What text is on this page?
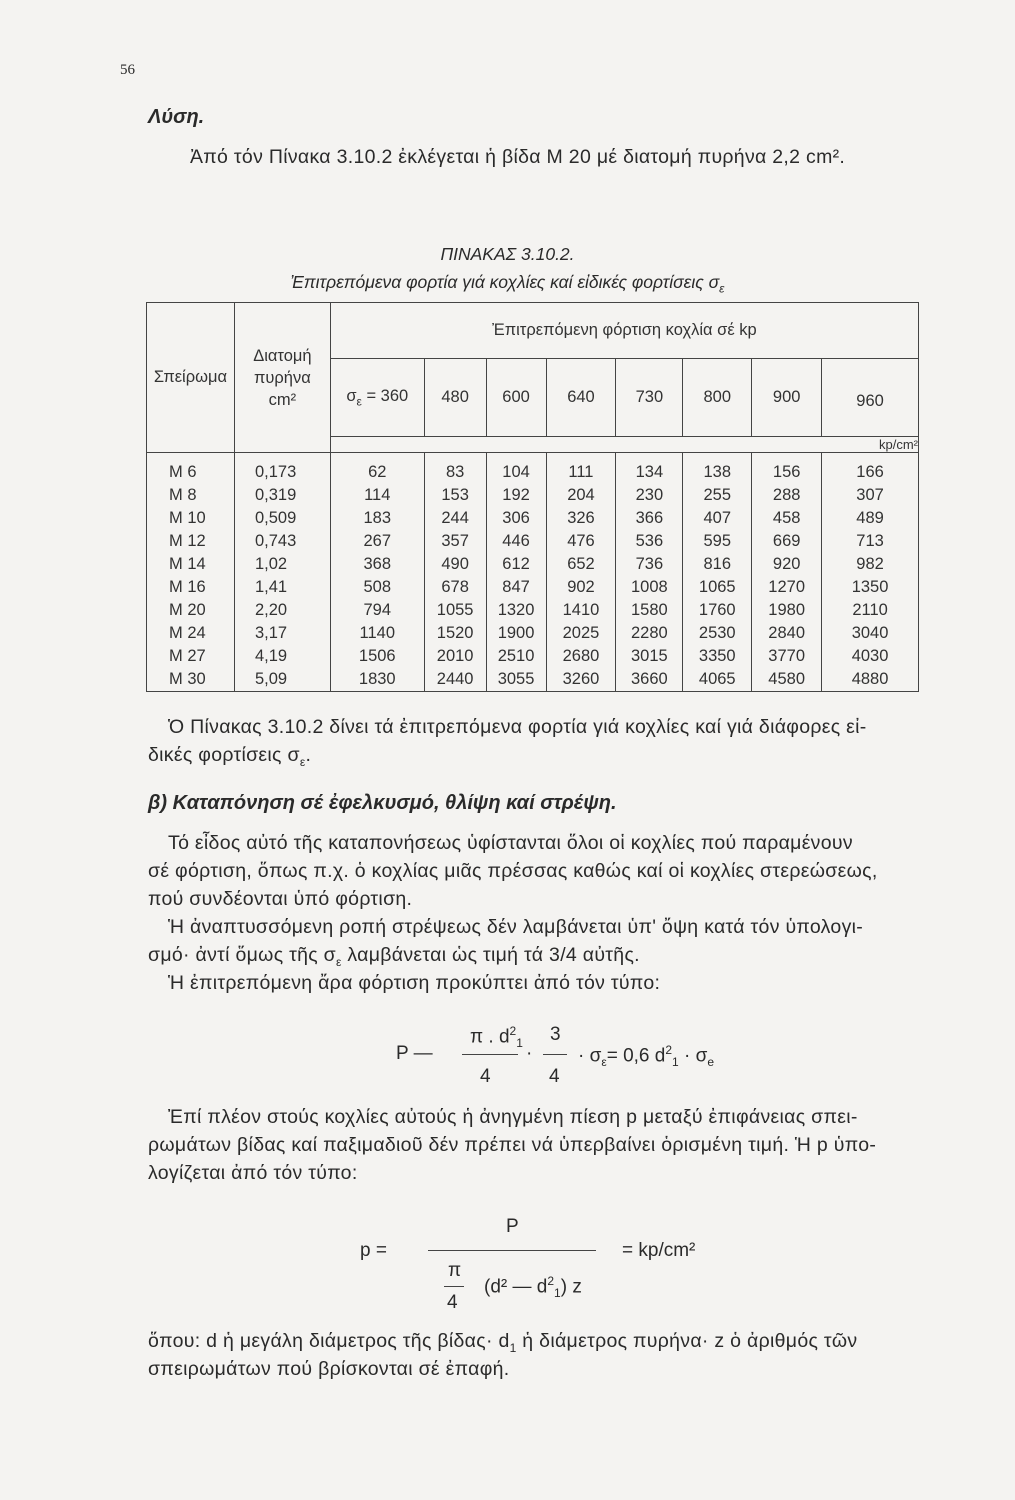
56
Λύση.
Ἀπό τόν Πίνακα 3.10.2 ἐκλέγεται ἡ βίδα Μ 20 μέ διατομή πυρήνα 2,2 cm².
ΠΙΝΑΚΑΣ 3.10.2.
Ἐπιτρεπόμενα φορτία γιά κοχλίες καί εἰδικές φορτίσεις $\sigma_\varepsilon$
Σπείρωμα	Διατομή
πυρήνα
cm²	Ἐπιτρεπόμενη φόρτιση κοχλία σέ kp							
		$\sigma_\varepsilon = 360$	480	600	640	730	800	900	960
		kp/cm²							
M 6	0,173	62	83	104	111	134	138	156	166
M 8	0,319	114	153	192	204	230	255	288	307
M 10	0,509	183	244	306	326	366	407	458	489
M 12	0,743	267	357	446	476	536	595	669	713
M 14	1,02	368	490	612	652	736	816	920	982
M 16	1,41	508	678	847	902	1008	1065	1270	1350
M 20	2,20	794	1055	1320	1410	1580	1760	1980	2110
M 24	3,17	1140	1520	1900	2025	2280	2530	2840	3040
M 27	4,19	1506	2010	2510	2680	3015	3350	3770	4030
M 30	5,09	1830	2440	3055	3260	3660	4065	4580	4880
Ὁ Πίνακας 3.10.2 δίνει τά ἐπιτρεπόμενα φορτία γιά κοχλίες καί γιά διάφορες εἰ-
δικές φορτίσεις $\sigma_\varepsilon$.
β) Καταπόνηση σέ ἐφελκυσμό, θλίψη καί στρέψη.
Τό εἶδος αὐτό τῆς καταπονήσεως ὑφίστανται ὅλοι οἱ κοχλίες πού παραμένουν
σέ φόρτιση, ὅπως π.χ. ὁ κοχλίας μιᾶς πρέσσας καθώς καί οἱ κοχλίες στερεώσεως,
πού συνδέονται ὑπό φόρτιση.
Ἡ ἀναπτυσσόμενη ροπή στρέψεως δέν λαμβάνεται ὑπ' ὄψη κατά τόν ὑπολογι-
σμό· ἀντί ὅμως τῆς $\sigma_\varepsilon$ λαμβάνεται ὡς τιμή τά 3/4 αὐτῆς.
Ἡ ἐπιτρεπόμενη ἄρα φόρτιση προκύπτει ἀπό τόν τύπο:
P —
π . $d^2_1$
4
·
3
4
· $\sigma_\varepsilon= 0,6$ $d^2_1 \cdot \sigma_e$
Ἐπί πλέον στούς κοχλίες αὐτούς ἡ ἀνηγμένη πίεση p μεταξύ ἐπιφάνειας σπει-
ρωμάτων βίδας καί παξιμαδιοῦ δέν πρέπει νά ὑπερβαίνει ὁρισμένη τιμή. Ἡ p ὑπο-
λογίζεται ἀπό τόν τύπο:
p =
P
π
4
(d² — $d^2_1$) z
= kp/cm²
ὅπου: d ἡ μεγάλη διάμετρος τῆς $\beta ί\delta\alpha\varsigma\cdot d_1$ ἡ διάμετρος πυρήνα· z ὁ ἀριθμός τῶν
σπειρωμάτων πού βρίσκονται σέ ἐπαφή.
